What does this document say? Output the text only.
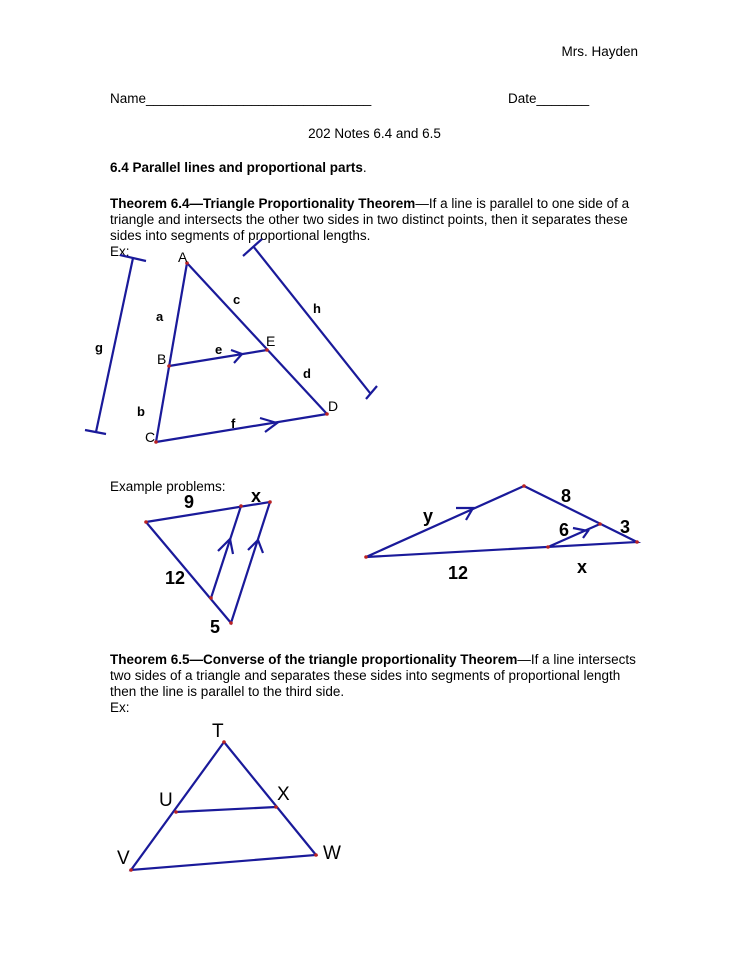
Mrs. Hayden
Name______________________________	Date_______
202 Notes 6.4 and 6.5
6.4 Parallel lines and proportional parts.
Theorem 6.4—Triangle Proportionality Theorem—If a line is parallel to one side of a triangle and intersects the other two sides in two distinct points, then it separates these sides into segments of proportional lengths.
Ex:
Example problems:
Theorem 6.5—Converse of the triangle proportionality Theorem—If a line intersects two sides of a triangle and separates these sides into segments of proportional length then the line is parallel to the third side.
Ex:
A
B
C
D
E
a
b
c
d
e
f
g
h
9	x
12
5
y
8
3
6
12	x
T
U	X
V	W
